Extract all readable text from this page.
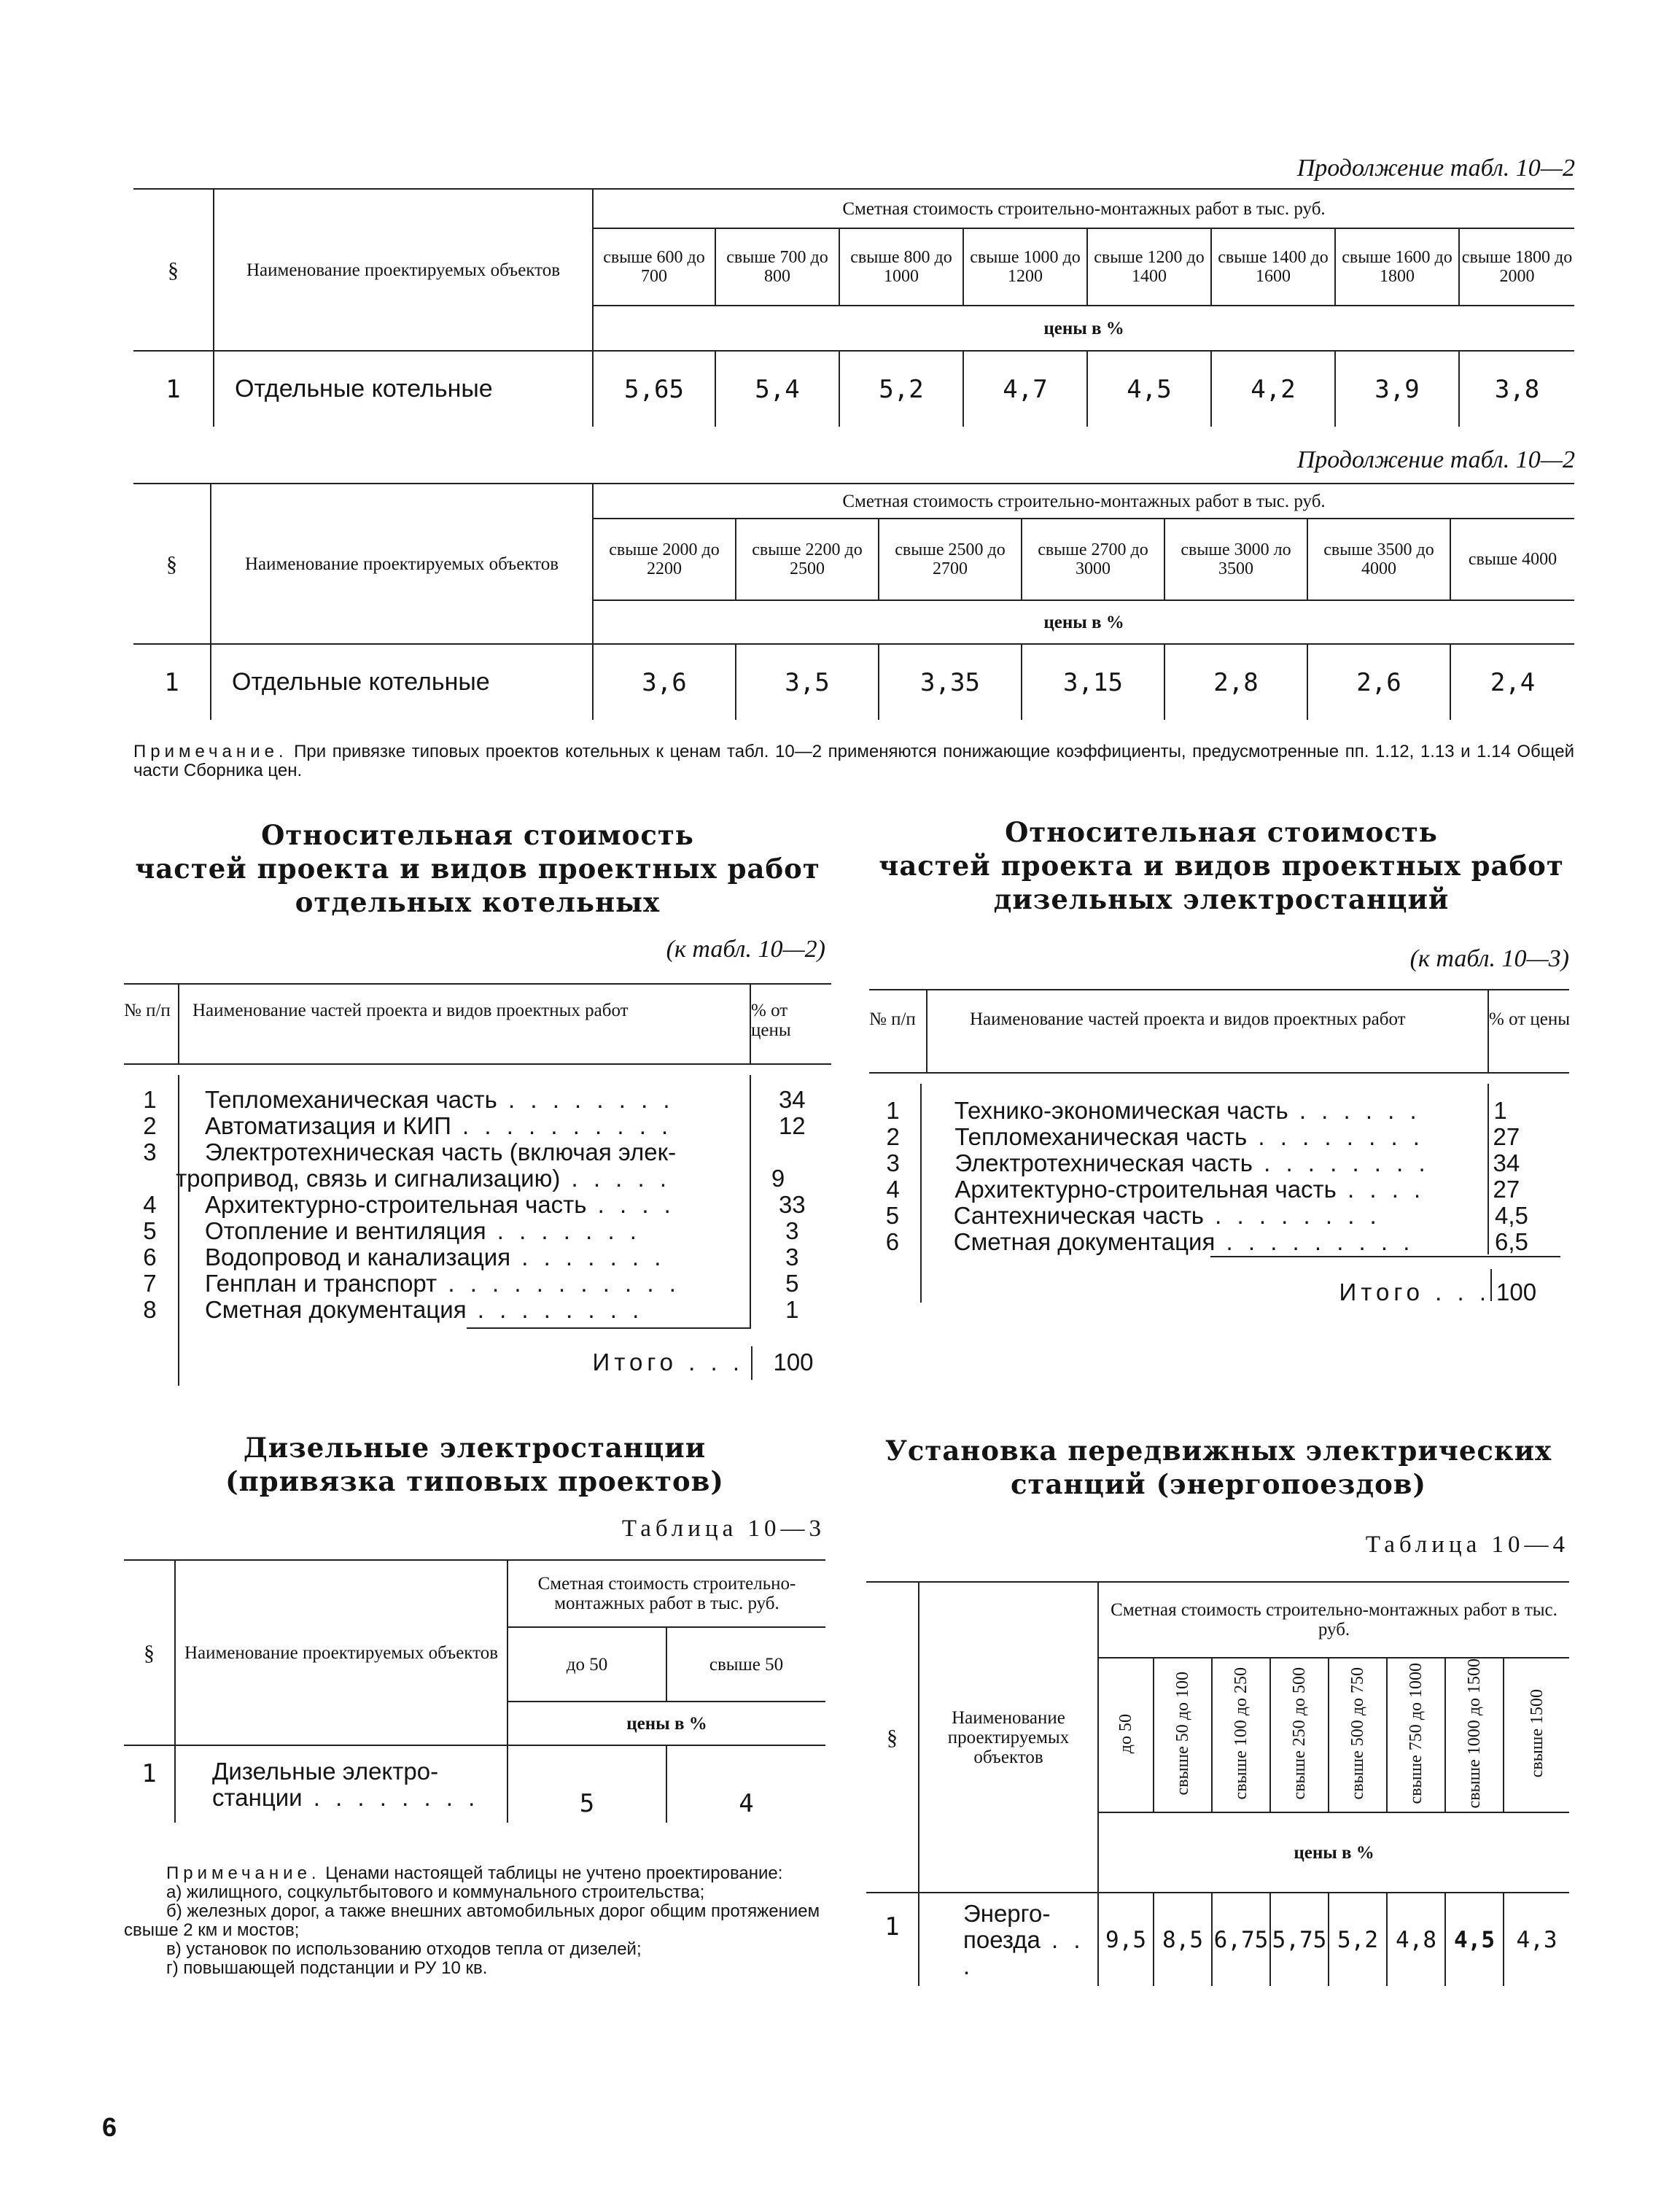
Продолжение табл. 10—2
§	Наименование проектируемых объектов	Сметная стоимость строительно-монтажных работ в тыс. руб.							
		свыше 600 до 700	свыше 700 до 800	свыше 800 до 1000	свыше 1000 до 1200	свыше 1200 до 1400	свыше 1400 до 1600	свыше 1600 до 1800	свыше 1800 до 2000
		цены в %							
1	Отдельные котельные	5,65	5,4	5,2	4,7	4,5	4,2	3,9	3,8
Продолжение табл. 10—2
§	Наименование проектируемых объектов	Сметная стоимость строительно-монтажных работ в тыс. руб.						
		свыше 2000 до 2200	свыше 2200 до 2500	свыше 2500 до 2700	свыше 2700 до 3000	свыше 3000 ло 3500	свыше 3500 до 4000	свыше 4000
		цены в %						
1	Отдельные котельные	3,6	3,5	3,35	3,15	2,8	2,6	2,4
Примечание. При привязке типовых проектов котельных к ценам табл. 10—2 применяются понижающие коэффициенты, предусмотренные пп. 1.12, 1.13 и 1.14 Общей части Сборника цен.
Относительная стоимость
частей проекта и видов проектных работ
отдельных котельных
(к табл. 10—2)
№ п/п	Наименование частей проекта и видов проектных работ	% от цены
1	Тепломеханическая часть . . . . . . . .	34
2	Автоматизация и КИП . . . . . . . . . .	12
3	Электротехническая часть (включая элек-
тропривод, связь и сигнализацию) . . . . .	9
4	Архитектурно-строительная часть . . . .	33
5	Отопление и вентиляция . . . . . . .	3
6	Водопровод и канализация . . . . . . .	3
7	Генплан и транспорт . . . . . . . . . . .	5
8	Сметная документация . . . . . . . .	1
Итого . . .	100
Относительная стоимость
частей проекта и видов проектных работ
дизельных электростанций
(к табл. 10—3)
№ п/п	Наименование частей проекта и видов проектных работ	% от цены
1	Технико-экономическая часть . . . . . .	1
2	Тепломеханическая часть . . . . . . . .	27
3	Электротехническая часть . . . . . . . .	34
4	Архитектурно-строительная часть . . . .	27
5	Сантехническая часть . . . . . . . .	4,5
6	Сметная документация . . . . . . . . .	6,5
Итого . . . 100
Дизельные электростанции
(привязка типовых проектов)
Таблица 10—3
§	Наименование проектируемых объектов	Сметная стоимость строительно-монтажных работ в тыс. руб.	
		до 50	свыше 50
		цены в %	
1	Дизельные электро-
станции . . . . . . . .	5	4
Примечание. Ценами настоящей таблицы не учтено проектирование:
а) жилищного, соцкультбытового и коммунального строительства;
б) железных дорог, а также внешних автомобильных дорог общим протяжением свыше 2 км и мостов;
в) установок по использованию отходов тепла от дизелей;
г) повышающей подстанции и РУ 10 кв.
Установка передвижных электрических
станций (энергопоездов)
Таблица 10—4
§	Наименование проектируемых объектов	Сметная стоимость строительно-монтажных работ в тыс. руб.							
		до 50	свыше 50 до 100	свыше 100 до 250	свыше 250 до 500	свыше 500 до 750	свыше 750 до 1000	свыше 1000 до 1500	свыше 1500
		цены в %							
1	Энерго-
поезда . . .	9,5	8,5	6,75	5,75	5,2	4,8	4,5	4,3
6
